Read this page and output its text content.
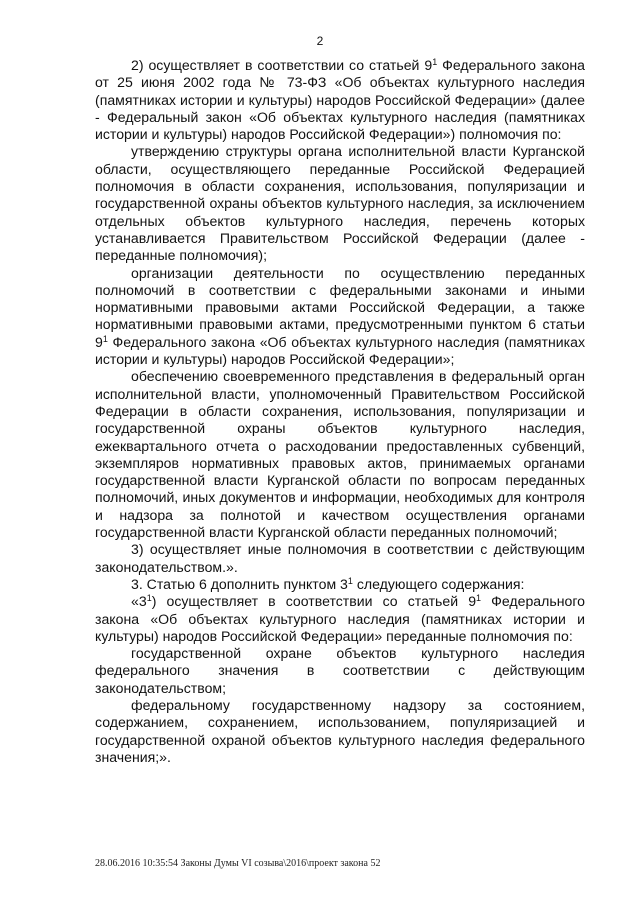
2

2) осуществляет в соответствии со статьей $9^1$ Федерального закона от 25 июня 2002 года № 73-ФЗ «Об объектах культурного наследия (памятниках истории и культуры) народов Российской Федерации» (далее - Федеральный закон «Об объектах культурного наследия (памятниках истории и культуры) народов Российской Федерации») полномочия по:

утверждению структуры органа исполнительной власти Курганской области, осуществляющего переданные Российской Федерацией полномочия в области сохранения, использования, популяризации и государственной охраны объектов культурного наследия, за исключением отдельных объектов культурного наследия, перечень которых устанавливается Правительством Российской Федерации (далее - переданные полномочия);

организации деятельности по осуществлению переданных полномочий в соответствии с федеральными законами и иными нормативными правовыми актами Российской Федерации, а также нормативными правовыми актами, предусмотренными пунктом 6 статьи $9^1$ Федерального закона «Об объектах культурного наследия (памятниках истории и культуры) народов Российской Федерации»;

обеспечению своевременного представления в федеральный орган исполнительной власти, уполномоченный Правительством Российской Федерации в области сохранения, использования, популяризации и государственной охраны объектов культурного наследия, ежеквартального отчета о расходовании предоставленных субвенций, экземпляров нормативных правовых актов, принимаемых органами государственной власти Курганской области по вопросам переданных полномочий, иных документов и информации, необходимых для контроля и надзора за полнотой и качеством осуществления органами государственной власти Курганской области переданных полномочий;

3) осуществляет иные полномочия в соответствии с действующим законодательством.».

3. Статью 6 дополнить пунктом $3^1$ следующего содержания:

«$3^1$) осуществляет в соответствии со статьей $9^1$ Федерального закона «Об объектах культурного наследия (памятниках истории и культуры) народов Российской Федерации» переданные полномочия по:

государственной охране объектов культурного наследия федерального значения в соответствии с действующим законодательством;

федеральному государственному надзору за состоянием, содержанием, сохранением, использованием, популяризацией и государственной охраной объектов культурного наследия федерального значения;».

28.06.2016 10:35:54 Законы Думы VI созыва\2016\проект закона 52
